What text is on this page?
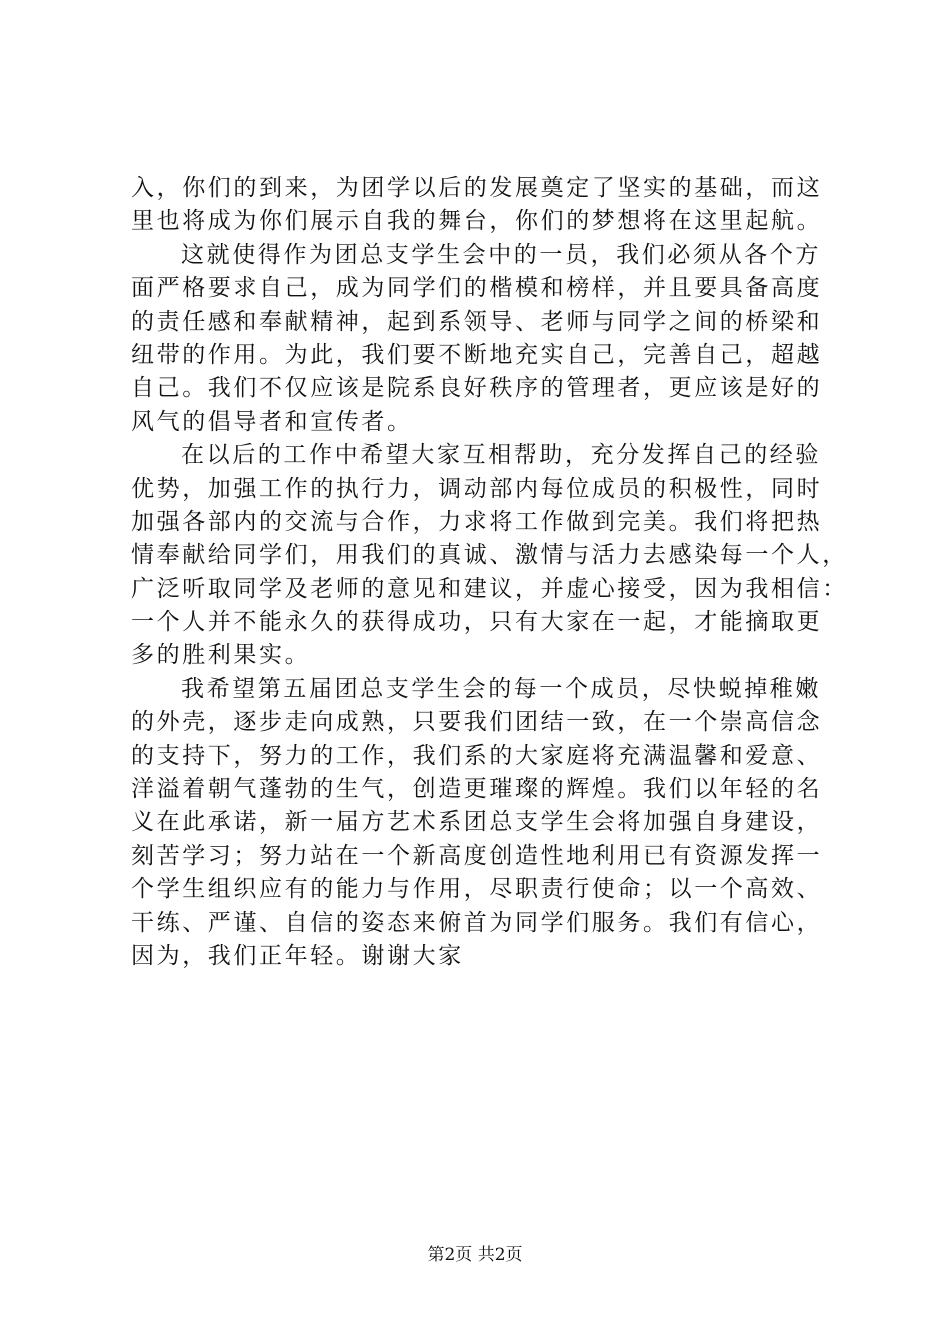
入，你们的到来，为团学以后的发展奠定了坚实的基础，而这
里也将成为你们展示自我的舞台，你们的梦想将在这里起航。
这就使得作为团总支学生会中的一员，我们必须从各个方
面严格要求自己，成为同学们的楷模和榜样，并且要具备高度
的责任感和奉献精神，起到系领导、老师与同学之间的桥梁和
纽带的作用。为此，我们要不断地充实自己，完善自己，超越
自己。我们不仅应该是院系良好秩序的管理者，更应该是好的
风气的倡导者和宣传者。
在以后的工作中希望大家互相帮助，充分发挥自己的经验
优势，加强工作的执行力，调动部内每位成员的积极性，同时
加强各部内的交流与合作，力求将工作做到完美。我们将把热
情奉献给同学们，用我们的真诚、激情与活力去感染每一个人，
广泛听取同学及老师的意见和建议，并虚心接受，因为我相信：
一个人并不能永久的获得成功，只有大家在一起，才能摘取更
多的胜利果实。
我希望第五届团总支学生会的每一个成员，尽快蜕掉稚嫩
的外壳，逐步走向成熟，只要我们团结一致，在一个崇高信念
的支持下，努力的工作，我们系的大家庭将充满温馨和爱意、
洋溢着朝气蓬勃的生气，创造更璀璨的辉煌。我们以年轻的名
义在此承诺，新一届方艺术系团总支学生会将加强自身建设，
刻苦学习；努力站在一个新高度创造性地利用已有资源发挥一
个学生组织应有的能力与作用，尽职责行使命；以一个高效、
干练、严谨、自信的姿态来俯首为同学们服务。我们有信心，
因为，我们正年轻。谢谢大家
第2页 共2页
